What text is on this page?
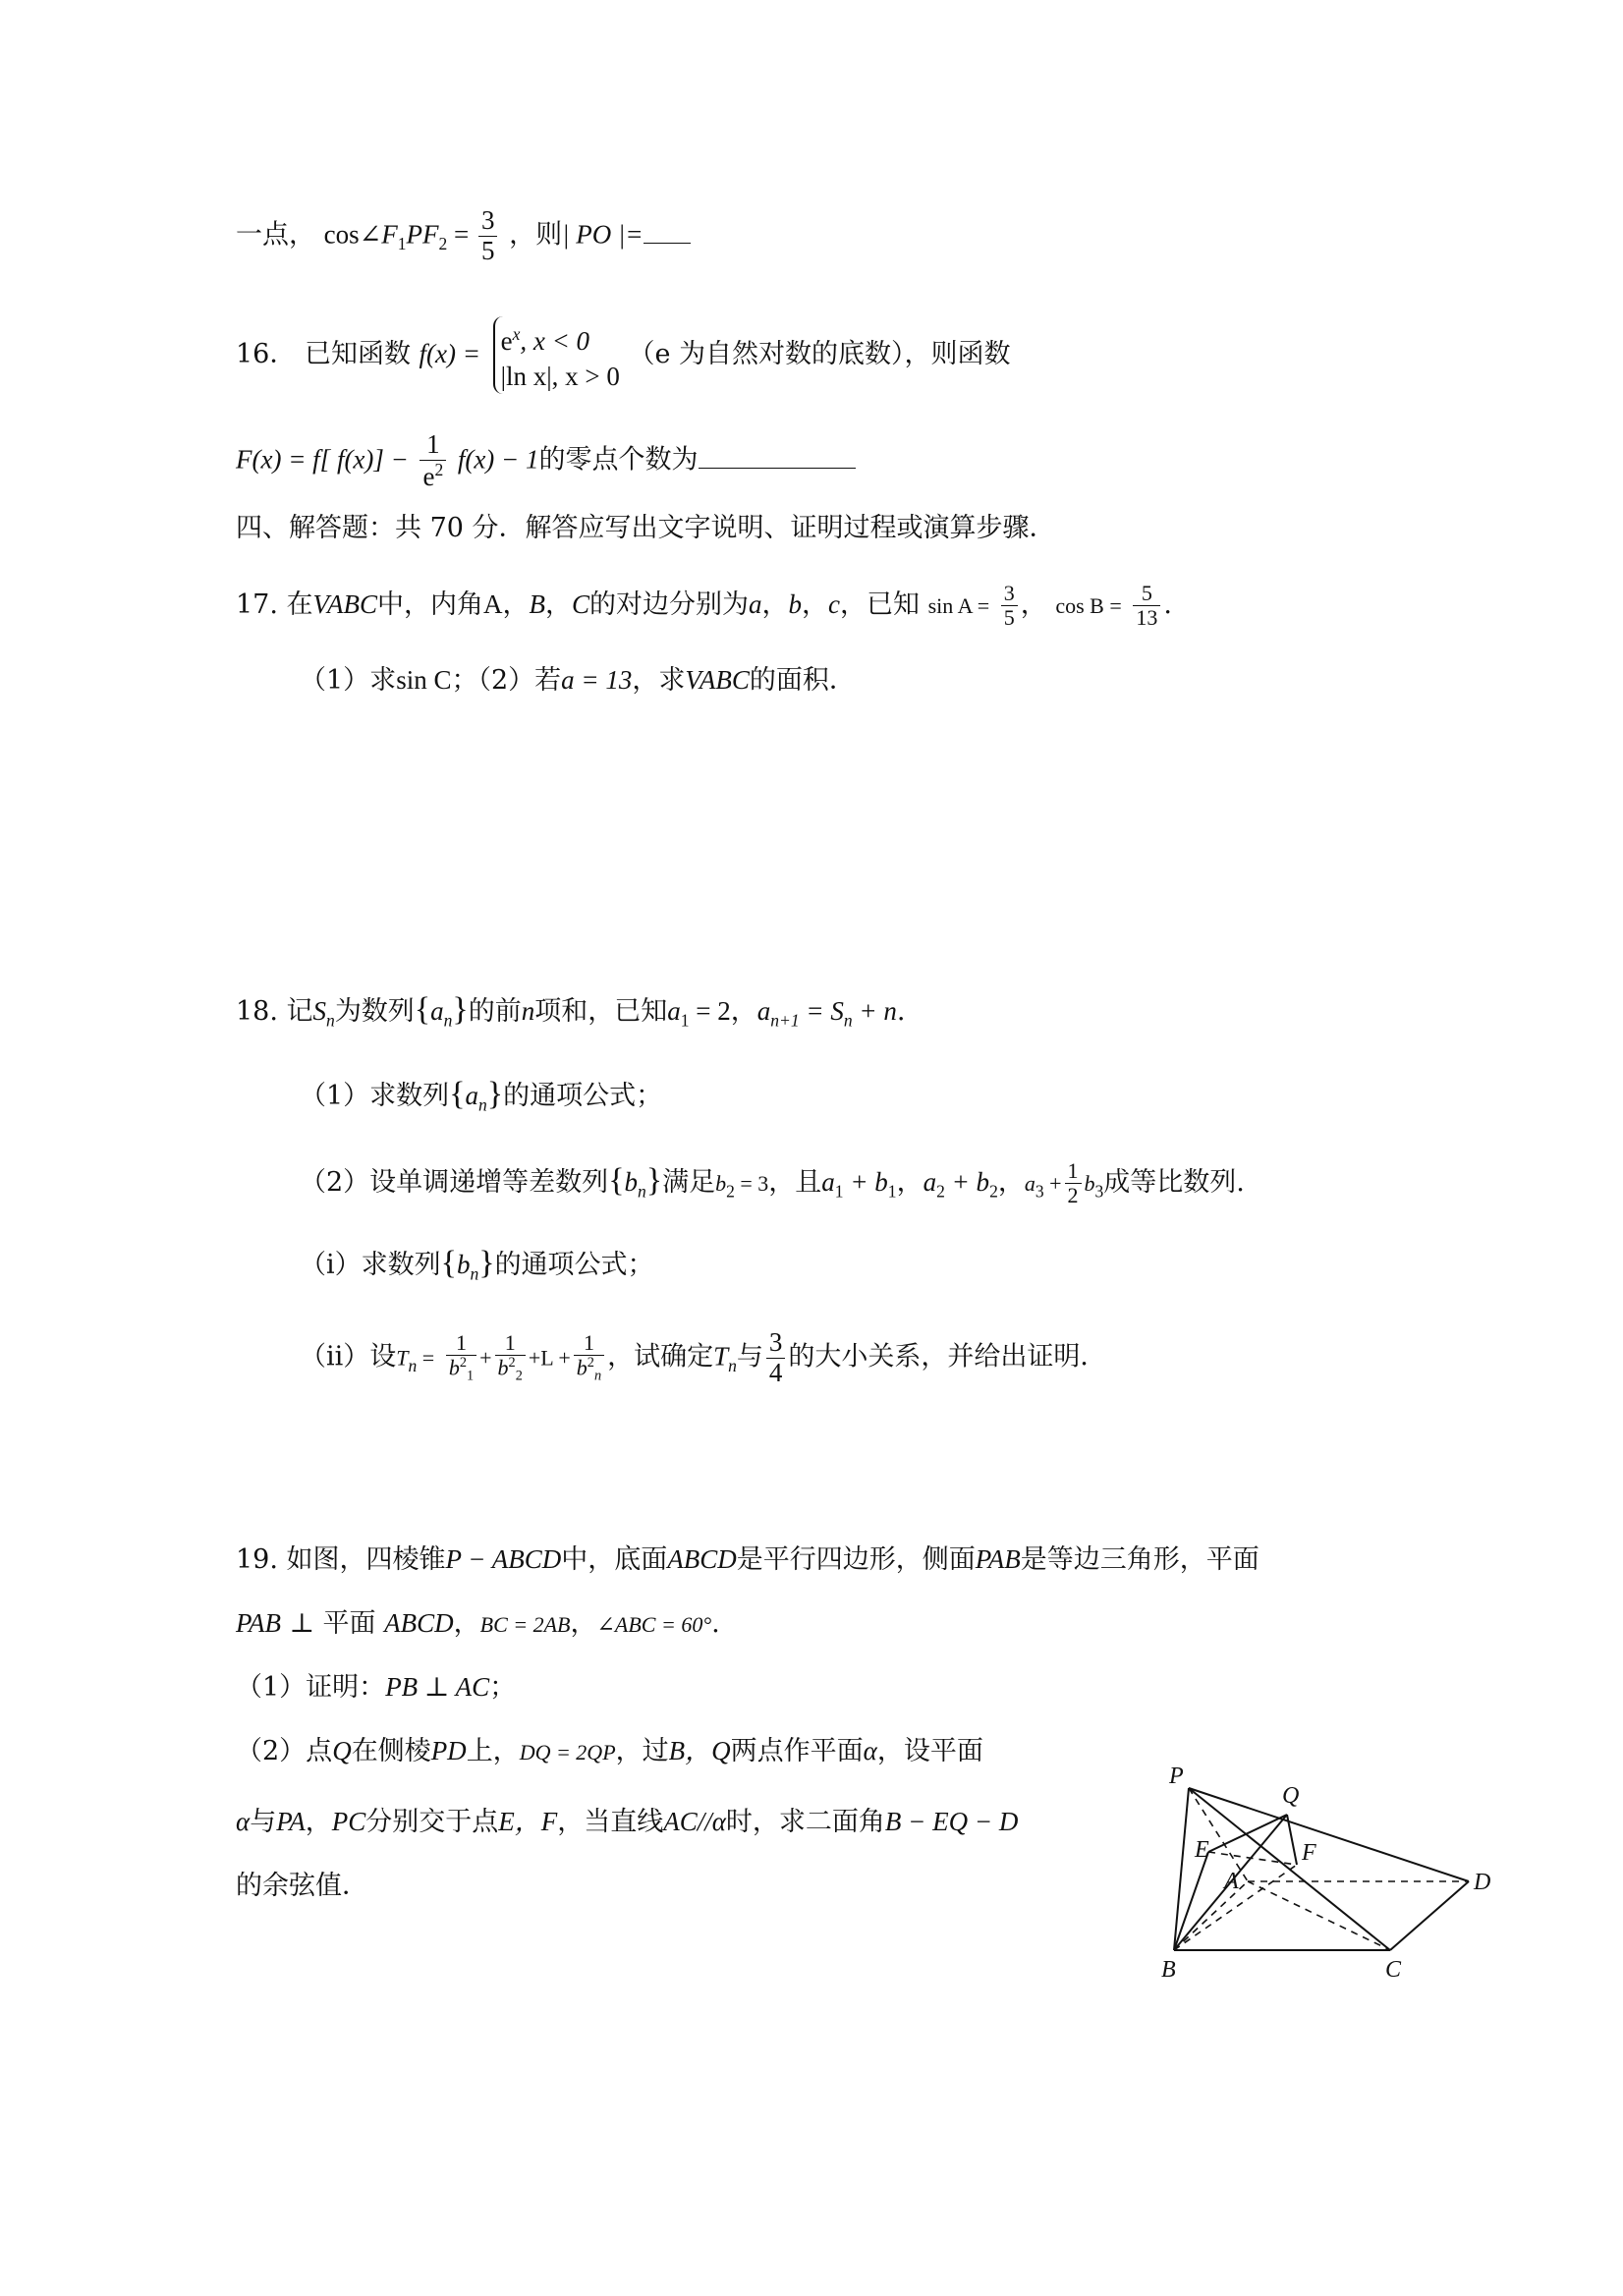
一点， $\cos\angle F_1PF_2 = \frac{3}{5}$ ，则| PO |=
16． 已知函数 $f(x) = e^x$, x < 0
|ln x|, x > 0
（e 为自然对数的底数），则函数
F(x) = f[ $f(x)] - \frac{1}{e^2} f(x) - 1$的零点个数为
四、解答题：共 70 分．解答应写出文字说明、证明过程或演算步骤．
17. 在VABC中，内角A，B，C的对边分别为a，b，c，已知 $\sin A = \frac{3}{5}$ ， $\cos B = \frac{5}{13}$ .
（1）求sin C；（2）若a = 13，求VABC的面积．
18. 记$S_n$为数列$\{a_n\}$的前n项和，已知$a_1 = 2$，$a_{n+1} = S_n + n$.
（1）求数列$\{a_n\}$的通项公式；
（2）设单调递增等差数列$\{b_n\}$满足$b_2 = 3$，且$a_1 + b_1$，$a_2 + b_2$，$a_3 + \frac{1}{2} b_3$成等比数列.
（ⅰ）求数列$\{b_n\}$的通项公式；
（ⅱ）设$T_n = \frac{1}{b^2_1} + \frac{1}{b^2_2} +L + \frac{1}{b^2_n}$ ，试确定$T_n$与 $\frac{3}{4}$ 的大小关系，并给出证明．
19. 如图，四棱锥P − ABCD中，底面ABCD是平行四边形，侧面PAB是等边三角形，平面
PAB ⊥ 平面 ABCD，BC = 2AB，∠ABC = 60°.
（1）证明：PB ⊥ AC；
（2）点Q在侧棱PD上，DQ = 2QP，过B，Q两点作平面α，设平面
α与PA，PC分别交于点E，F，当直线AC//α时，求二面角B − EQ − D
的余弦值．
P
Q
E	F
A	D
B	C
